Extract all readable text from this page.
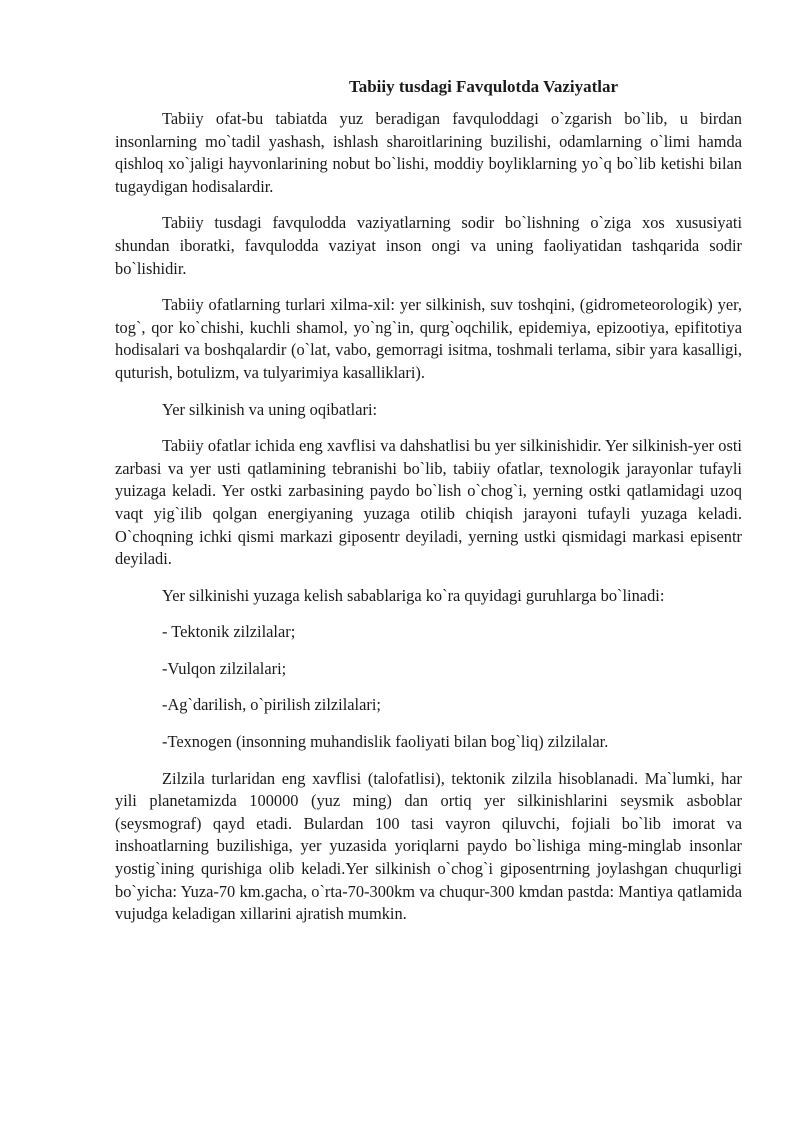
Tabiiy tusdagi Favqulotda Vaziyatlar

Tabiiy ofat-bu tabiatda yuz beradigan favquloddagi o`zgarish bo`lib, u birdan insonlarning mo`tadil yashash, ishlash sharoitlarining buzilishi, odamlarning o`limi hamda qishloq xo`jaligi hayvonlarining nobut bo`lishi, moddiy boyliklarning yo`q bo`lib ketishi bilan tugaydigan hodisalardir.

Tabiiy tusdagi favqulodda vaziyatlarning sodir bo`lishning o`ziga xos xususiyati shundan iboratki, favqulodda vaziyat inson ongi va uning faoliyatidan tashqarida sodir bo`lishidir.

Tabiiy ofatlarning turlari xilma-xil: yer silkinish, suv toshqini, (gidrometeorologik) yer, tog`, qor ko`chishi, kuchli shamol, yo`ng`in, qurg`oqchilik, epidemiya, epizootiya, epifitotiya hodisalari va boshqalardir (o`lat, vabo, gemorragi isitma, toshmali terlama, sibir yara kasalligi, quturish, botulizm, va tulyarimiya kasalliklari).

Yer silkinish va uning oqibatlari:

Tabiiy ofatlar ichida eng xavflisi va dahshatlisi bu yer silkinishidir. Yer silkinish-yer osti zarbasi va yer usti qatlamining tebranishi bo`lib, tabiiy ofatlar, texnologik jarayonlar tufayli yuizaga keladi. Yer ostki zarbasining paydo bo`lish o`chog`i, yerning ostki qatlamidagi uzoq vaqt yig`ilib qolgan energiyaning yuzaga otilib chiqish jarayoni tufayli yuzaga keladi. O`choqning ichki qismi markazi giposentr deyiladi, yerning ustki qismidagi markasi episentr deyiladi.

Yer silkinishi yuzaga kelish sabablariga ko`ra quyidagi guruhlarga bo`linadi:

- Tektonik zilzilalar;

-Vulqon zilzilalari;

-Ag`darilish, o`pirilish zilzilalari;

-Texnogen (insonning muhandislik faoliyati bilan bog`liq) zilzilalar.

Zilzila turlaridan eng xavflisi (talofatlisi), tektonik zilzila hisoblanadi. Ma`lumki, har yili planetamizda 100000 (yuz ming) dan ortiq yer silkinishlarini seysmik asboblar (seysmograf) qayd etadi. Bulardan 100 tasi vayron qiluvchi, fojiali bo`lib imorat va inshoatlarning buzilishiga, yer yuzasida yoriqlarni paydo bo`lishiga ming-minglab insonlar yostig`ining qurishiga olib keladi.Yer silkinish o`chog`i giposentrning joylashgan chuqurligi bo`yicha: Yuza-70 km.gacha, o`rta-70-300km va chuqur-300 kmdan pastda: Mantiya qatlamida vujudga keladigan xillarini ajratish mumkin.
